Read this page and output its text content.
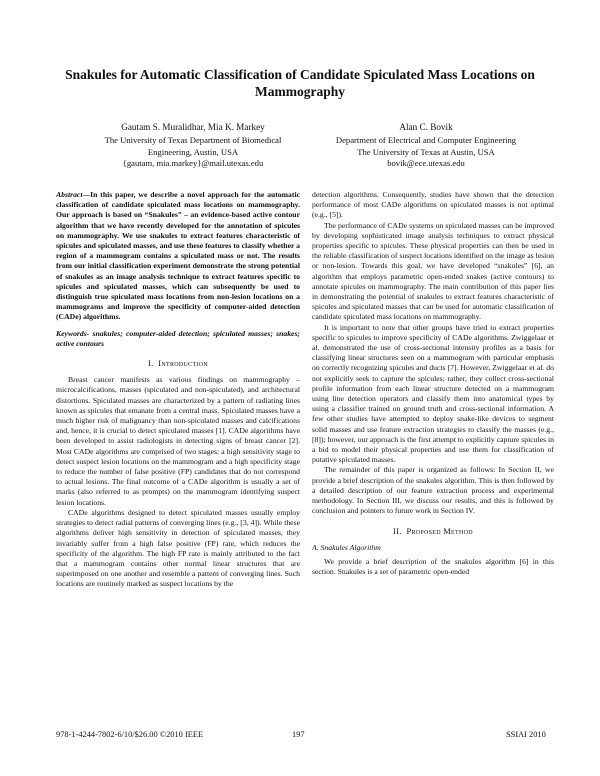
Snakules for Automatic Classification of Candidate Spiculated Mass Locations on Mammography
Gautam S. Muralidhar, Mia K. Markey
The University of Texas Department of Biomedical
Engineering, Austin, USA
{gautam, mia.markey}@mail.utexas.edu
Alan C. Bovik
Department of Electrical and Computer Engineering
The University of Texas at Austin, USA
bovik@ece.utexas.edu
Abstract—In this paper, we describe a novel approach for the automatic classification of candidate spiculated mass locations on mammography. Our approach is based on “Snakules” – an evidence-based active contour algorithm that we have recently developed for the annotation of spicules on mammography. We use snakules to extract features characteristic of spicules and spiculated masses, and use these features to classify whether a region of a mammogram contains a spiculated mass or not. The results from our initial classification experiment demonstrate the strong potential of snakules as an image analysis technique to extract features specific to spicules and spiculated masses, which can subsequently be used to distinguish true spiculated mass locations from non-lesion locations on a mammograms and improve the specificity of computer-aided detection (CADe) algorithms.
Keywords- snakules; computer-aided detection; spiculated masses; snakes; active contours
I. Introduction

Breast cancer manifests as various findings on mammography – microcalcifications, masses (spiculated and non-spiculated), and architectural distortions. Spiculated masses are characterized by a pattern of radiating lines known as spicules that emanate from a central mass. Spiculated masses have a much higher risk of malignancy than non-spiculated masses and calcifications and, hence, it is crucial to detect spiculated masses [1]. CADe algorithms have been developed to assist radiologists in detecting signs of breast cancer [2]. Most CADe algorithms are comprised of two stages: a high sensitivity stage to detect suspect lesion locations on the mammogram and a high specificity stage to reduce the number of false positive (FP) candidates that do not correspond to actual lesions. The final outcome of a CADe algorithm is usually a set of marks (also referred to as prompts) on the mammogram identifying suspect lesion locations.

CADe algorithms designed to detect spiculated masses usually employ strategies to detect radial patterns of converging lines (e.g., [3, 4]). While these algorithms deliver high sensitivity in detection of spiculated masses, they invariably suffer from a high false positive (FP) rate, which reduces the specificity of the algorithm. The high FP rate is mainly attributed to the fact that a mammogram contains other normal linear structures that are superimposed on one another and resemble a pattern of converging lines. Such locations are routinely marked as suspect locations by the

detection algorithms. Consequently, studies have shown that the detection performance of most CADe algorithms on spiculated masses is not optimal (e.g., [5]).

The performance of CADe systems on spiculated masses can be improved by developing sophisticated image analysis techniques to extract physical properties specific to spicules. These physical properties can then be used in the reliable classification of suspect locations identified on the image as lesion or non-lesion. Towards this goal, we have developed “snakules” [6], an algorithm that employs parametric open-ended snakes (active contours) to annotate spicules on mammography. The main contribution of this paper lies in demonstrating the potential of snakules to extract features characteristic of spicules and spiculated masses that can be used for automatic classification of candidate spiculated mass locations on mammography.

It is important to note that other groups have tried to extract properties specific to spicules to improve specificity of CADe algorithms. Zwiggelaar et al. demonstrated the use of cross-sectional intensity profiles as a basis for classifying linear structures seen on a mammogram with particular emphasis on correctly recognizing spicules and ducts [7]. However, Zwiggelaar et al. do not explicitly seek to capture the spicules; rather, they collect cross-sectional profile information from each linear structure detected on a mammogram using line detection operators and classify them into anatomical types by using a classifier trained on ground truth and cross-sectional information. A few other studies have attempted to deploy snake-like devices to segment solid masses and use feature extraction strategies to classify the masses (e.g., [8]); however, our approach is the first attempt to explicitly capture spicules in a bid to model their physical properties and use them for classification of putative spiculated masses.

The remainder of this paper is organized as follows: In Section II, we provide a brief description of the snakules algorithm. This is then followed by a detailed description of our feature extraction process and experimental methodology. In Section III, we discuss our results, and this is followed by conclusion and pointers to future work in Section IV.

II. Proposed Method
A. Snakules Algorithm

We provide a brief description of the snakules algorithm [6] in this section. Snakules is a set of parametric open-ended

978-1-4244-7802-6/10/$26.00 ©2010 IEEE	197	SSIAI 2010
